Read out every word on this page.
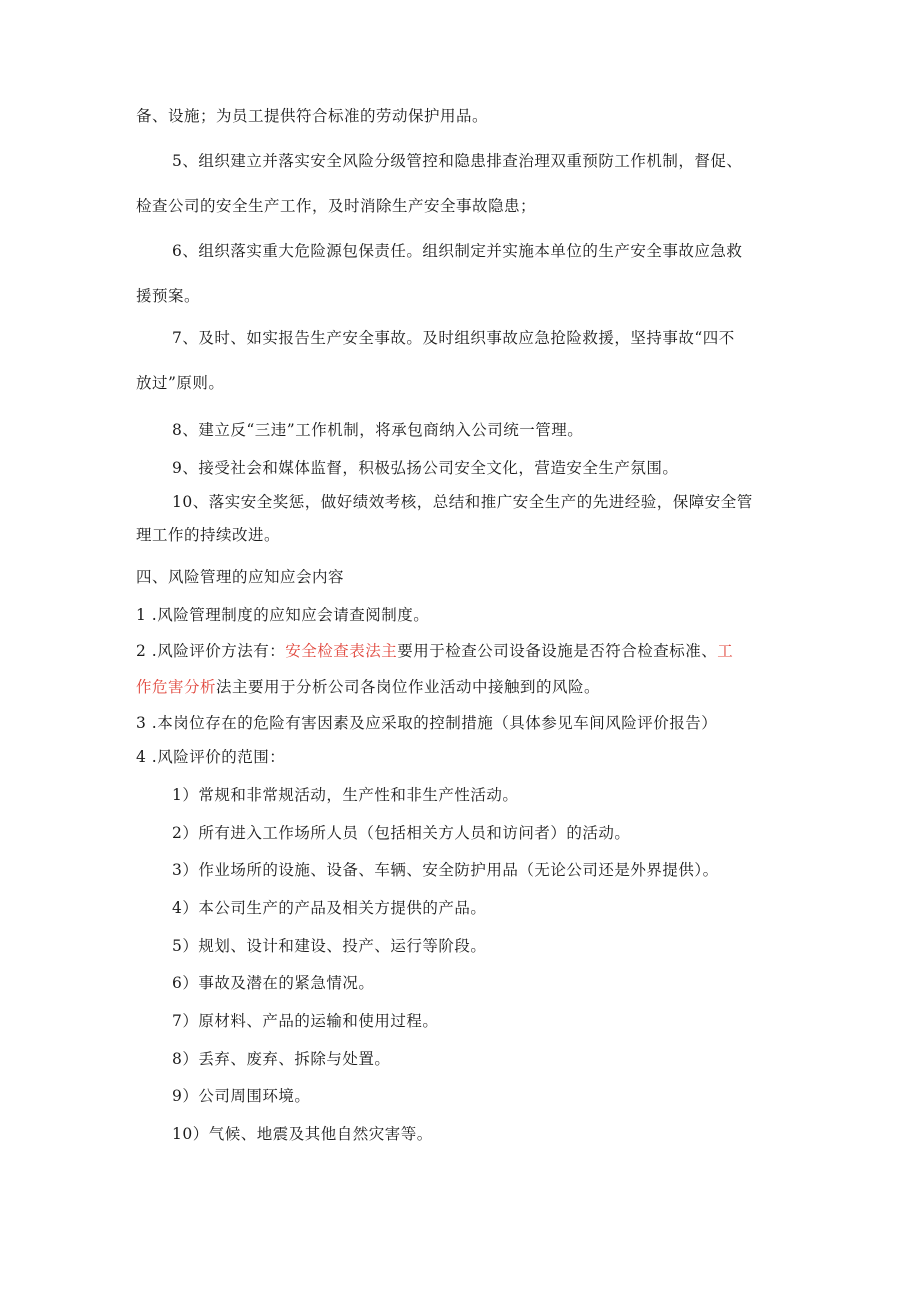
备、设施；为员工提供符合标准的劳动保护用品。
5、组织建立并落实安全风险分级管控和隐患排查治理双重预防工作机制，督促、
检查公司的安全生产工作，及时消除生产安全事故隐患；
6、组织落实重大危险源包保责任。组织制定并实施本单位的生产安全事故应急救
援预案。
7、及时、如实报告生产安全事故。及时组织事故应急抢险救援，坚持事故“四不
放过”原则。
8、建立反“三违”工作机制，将承包商纳入公司统一管理。
9、接受社会和媒体监督，积极弘扬公司安全文化，营造安全生产氛围。
10、落实安全奖惩，做好绩效考核，总结和推广安全生产的先进经验，保障安全管
理工作的持续改进。
四、风险管理的应知应会内容
1 .风险管理制度的应知应会请查阅制度。
2 .风险评价方法有：安全检查表法主要用于检查公司设备设施是否符合检查标准、工
作危害分析法主要用于分析公司各岗位作业活动中接触到的风险。
3 .本岗位存在的危险有害因素及应采取的控制措施（具体参见车间风险评价报告）
4 .风险评价的范围：
1）常规和非常规活动，生产性和非生产性活动。
2）所有进入工作场所人员（包括相关方人员和访问者）的活动。
3）作业场所的设施、设备、车辆、安全防护用品（无论公司还是外界提供）。
4）本公司生产的产品及相关方提供的产品。
5）规划、设计和建设、投产、运行等阶段。
6）事故及潜在的紧急情况。
7）原材料、产品的运输和使用过程。
8）丢弃、废弃、拆除与处置。
9）公司周围环境。
10）气候、地震及其他自然灾害等。
